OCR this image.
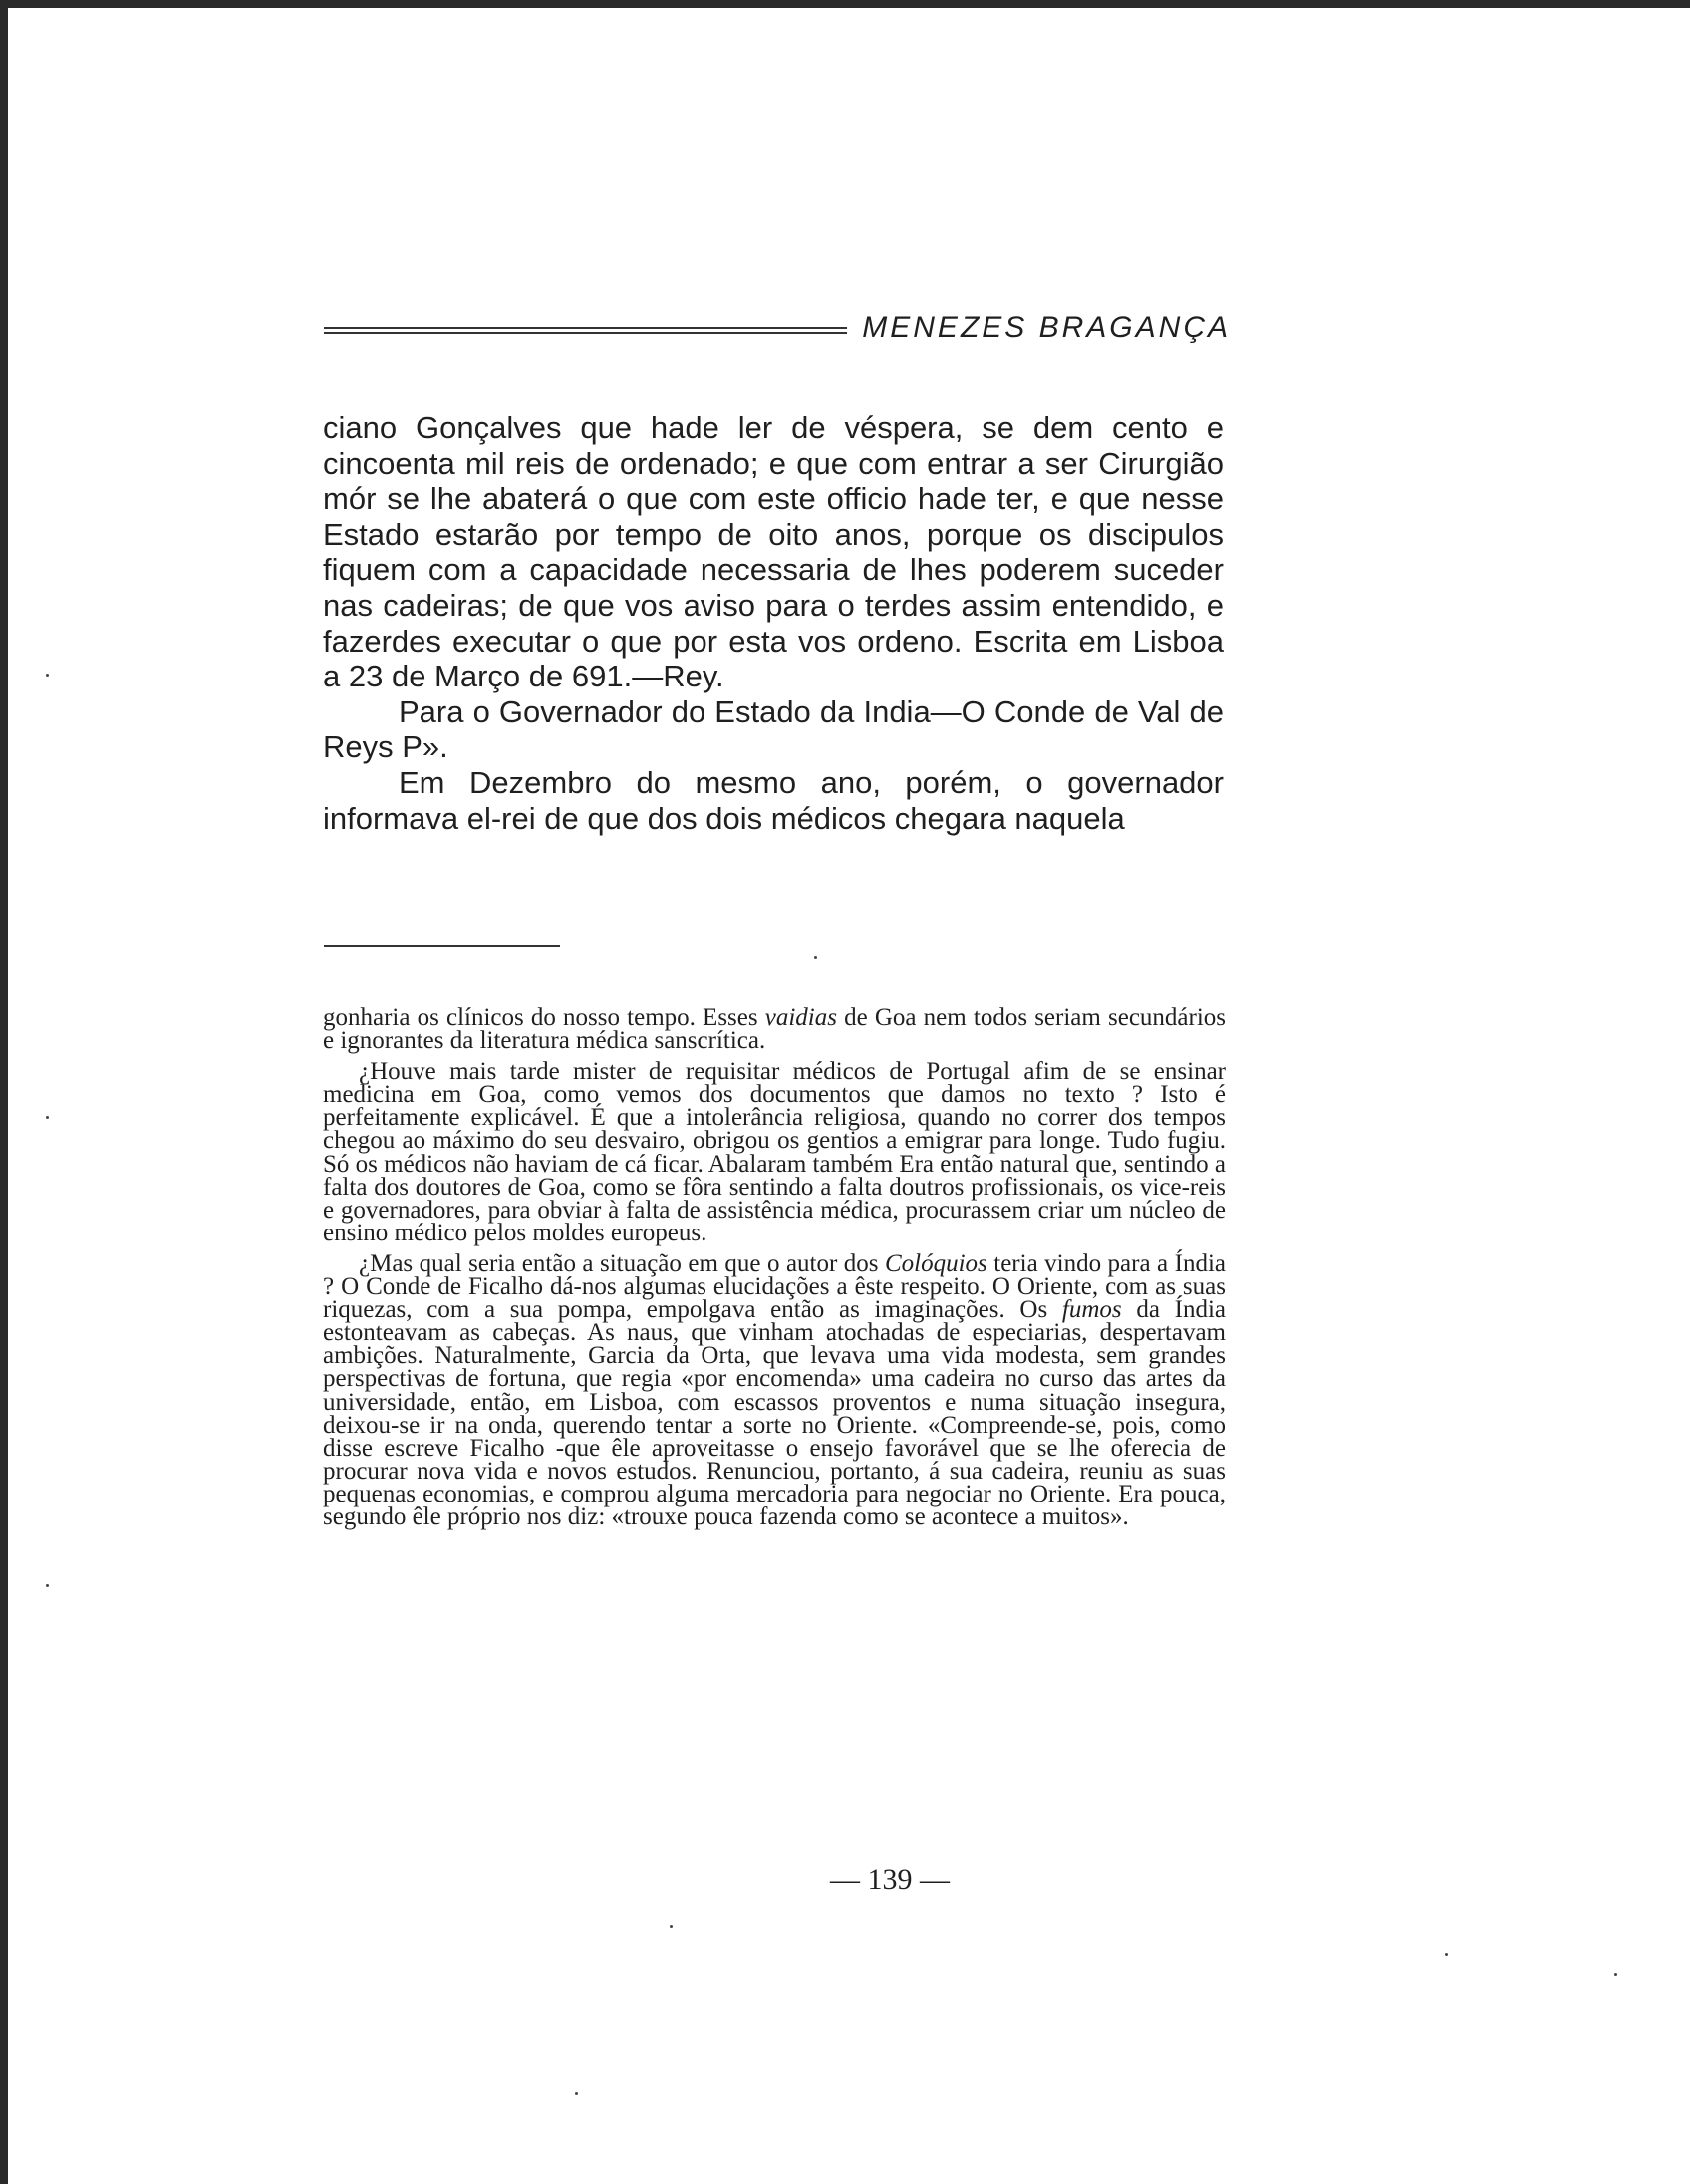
MENEZES BRAGANÇA

ciano Gonçalves que hade ler de véspera, se dem cento e cincoenta mil reis de ordenado; e que com entrar a ser Cirurgião mór se lhe abaterá o que com este officio hade ter, e que nesse Estado estarão por tempo de oito anos, porque os discipulos fiquem com a capacidade necessaria de lhes poderem suceder nas cadeiras; de que vos aviso para o terdes assim entendido, e fazerdes executar o que por esta vos ordeno. Escrita em Lisboa a 23 de Março de 691.—Rey.

Para o Governador do Estado da India—O Conde de Val de Reys P».

Em Dezembro do mesmo ano, porém, o governador informava el-rei de que dos dois médicos chegara naquela

gonharia os clínicos do nosso tempo. Esses vaidias de Goa nem todos seriam secundários e ignorantes da literatura médica sanscrítica.

¿Houve mais tarde mister de requisitar médicos de Portugal afim de se ensinar medicina em Goa, como vemos dos documentos que damos no texto ? Isto é perfeitamente explicável. É que a intolerância religiosa, quando no correr dos tempos chegou ao máximo do seu desvairo, obrigou os gentios a emigrar para longe. Tudo fugiu. Só os médicos não haviam de cá ficar. Abalaram também Era então natural que, sentindo a falta dos doutores de Goa, como se fôra sentindo a falta doutros profissionais, os vice-reis e governadores, para obviar à falta de assistência médica, procurassem criar um núcleo de ensino médico pelos moldes europeus.

¿Mas qual seria então a situação em que o autor dos Colóquios teria vindo para a Índia ? O Conde de Ficalho dá-nos algumas elucidações a êste respeito. O Oriente, com as suas riquezas, com a sua pompa, empolgava então as imaginações. Os fumos da Índia estonteavam as cabeças. As naus, que vinham atochadas de especiarias, despertavam ambições. Naturalmente, Garcia da Orta, que levava uma vida modesta, sem grandes perspectivas de fortuna, que regia «por encomenda» uma cadeira no curso das artes da universidade, então, em Lisboa, com escassos proventos e numa situação insegura, deixou-se ir na onda, querendo tentar a sorte no Oriente. «Compreende-se, pois, como disse escreve Ficalho -que êle aproveitasse o ensejo favorável que se lhe oferecia de procurar nova vida e novos estudos. Renunciou, portanto, á sua cadeira, reuniu as suas pequenas economias, e comprou alguma mercadoria para negociar no Oriente. Era pouca, segundo êle próprio nos diz: «trouxe pouca fazenda como se acontece a muitos».

— 139 —
